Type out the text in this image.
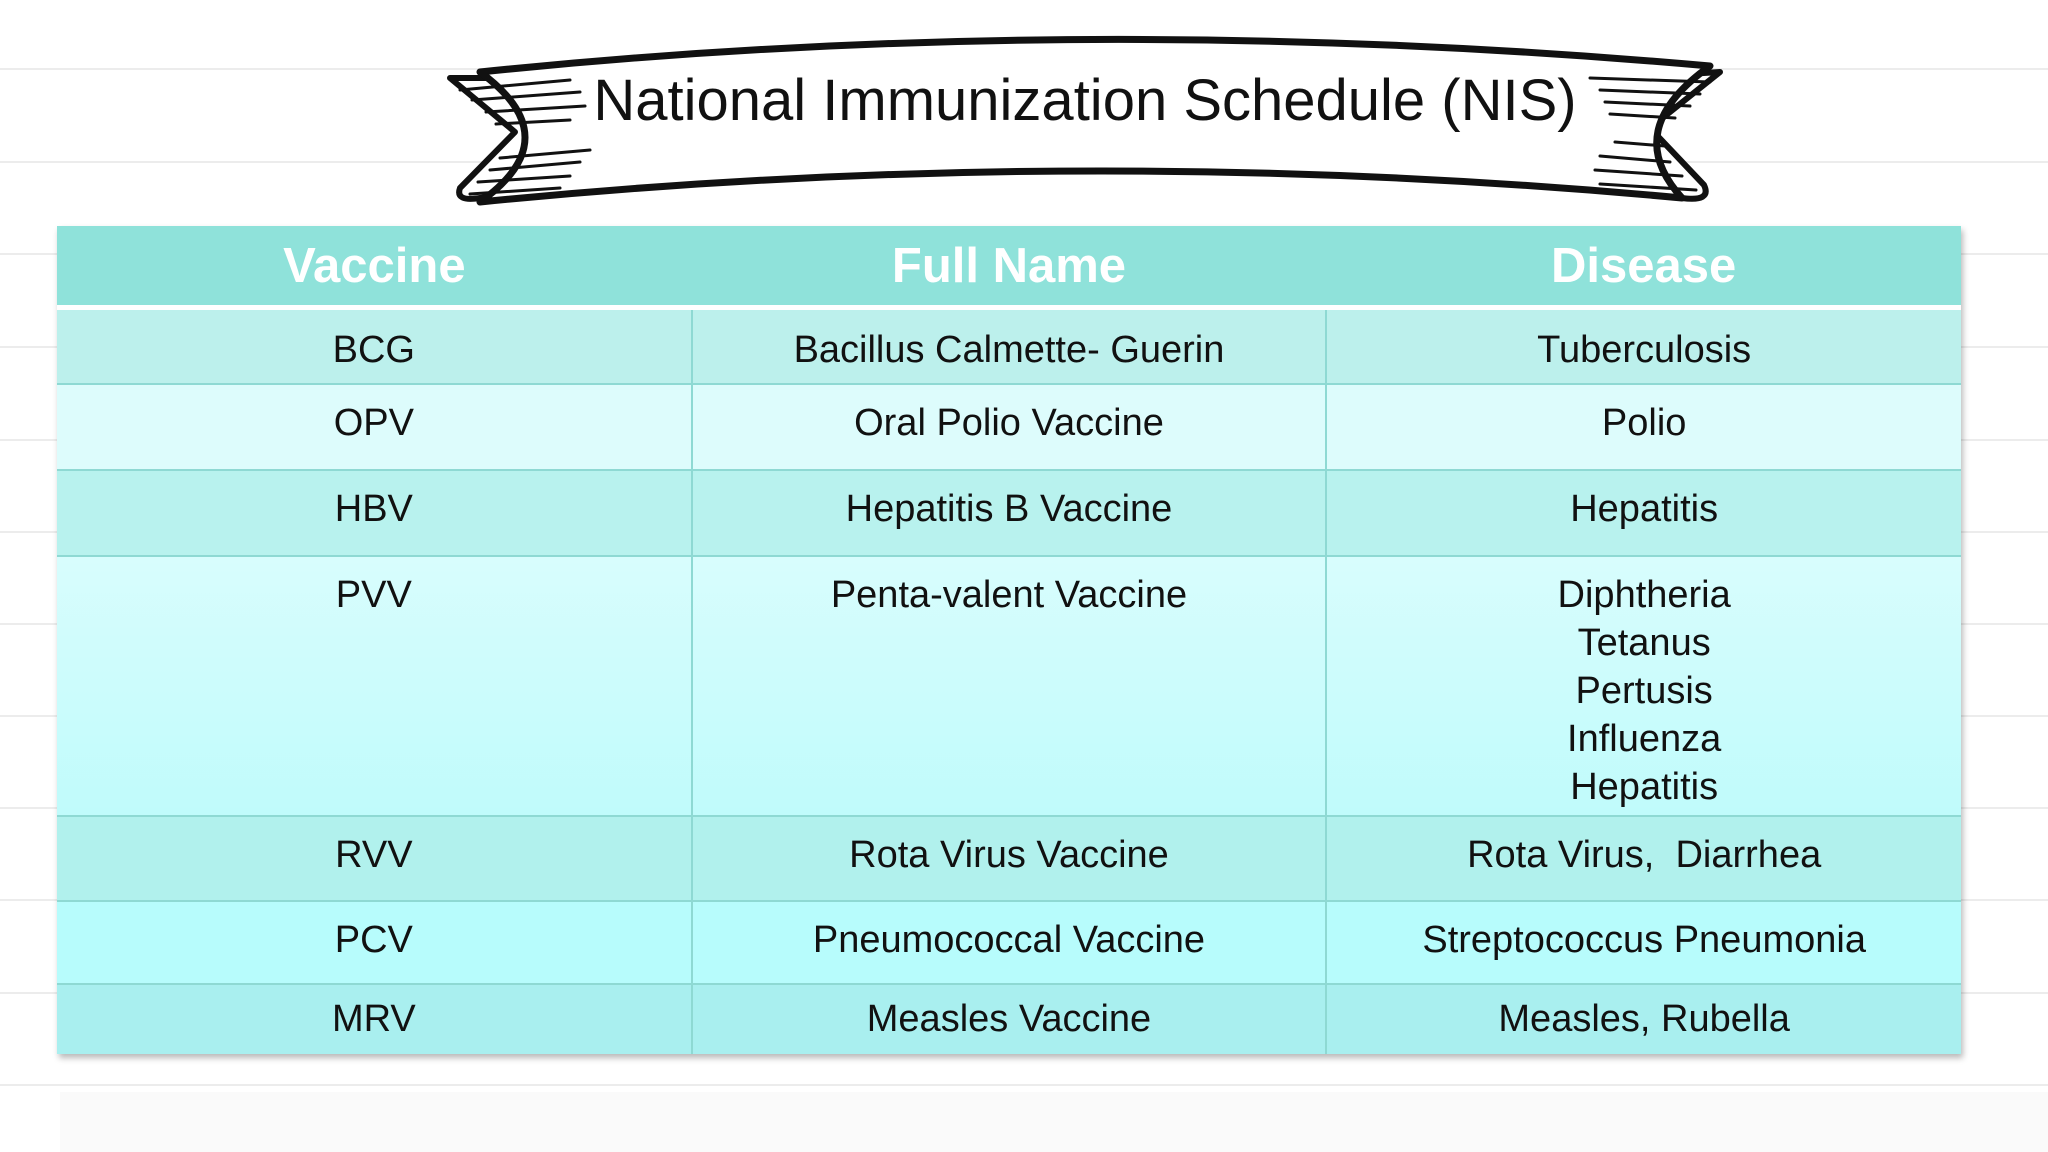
National Immunization Schedule (NIS)
Vaccine	Full Name	Disease
BCG	Bacillus Calmette- Guerin	Tuberculosis

OPV	Oral Polio Vaccine	Polio

HBV	Hepatitis B Vaccine	Hepatitis

PVV	Penta-valent Vaccine	Diphtheria
Tetanus
Pertusis
Influenza
Hepatitis

RVV	Rota Virus Vaccine	Rota Virus,  Diarrhea

PCV	Pneumococcal Vaccine	Streptococcus Pneumonia

MRV	Measles Vaccine	Measles, Rubella
